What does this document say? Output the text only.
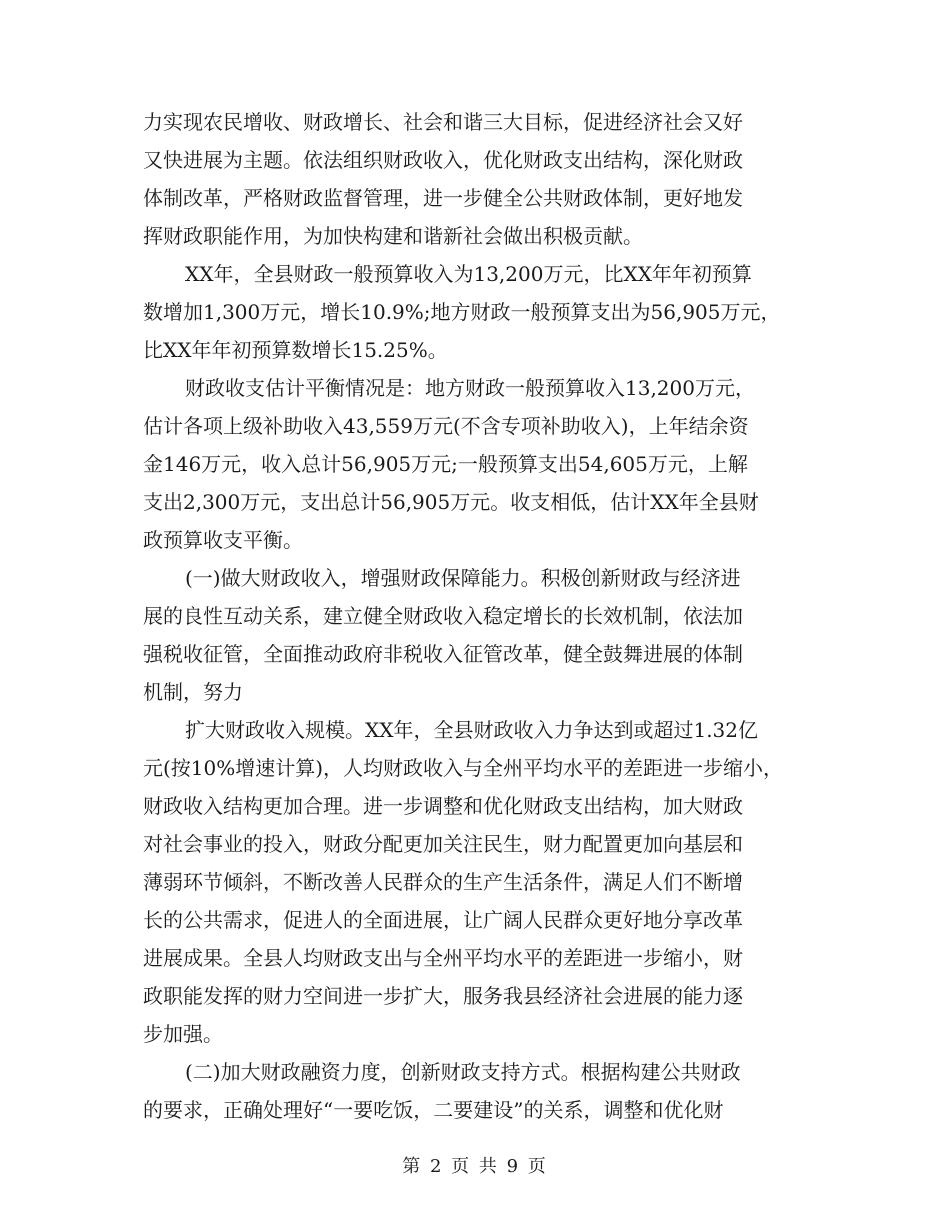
力实现农民增收、财政增长、社会和谐三大目标，促进经济社会又好
又快进展为主题。依法组织财政收入，优化财政支出结构，深化财政
体制改革，严格财政监督管理，进一步健全公共财政体制，更好地发
挥财政职能作用，为加快构建和谐新社会做出积极贡献。
XX年，全县财政一般预算收入为13,200万元，比XX年年初预算
数增加1,300万元，增长10.9%;地方财政一般预算支出为56,905万元，
比XX年年初预算数增长15.25%。
财政收支估计平衡情况是：地方财政一般预算收入13,200万元，
估计各项上级补助收入43,559万元(不含专项补助收入)，上年结余资
金146万元，收入总计56,905万元;一般预算支出54,605万元，上解
支出2,300万元，支出总计56,905万元。收支相低，估计XX年全县财
政预算收支平衡。
(一)做大财政收入，增强财政保障能力。积极创新财政与经济进
展的良性互动关系，建立健全财政收入稳定增长的长效机制，依法加
强税收征管，全面推动政府非税收入征管改革，健全鼓舞进展的体制
机制，努力
扩大财政收入规模。XX年，全县财政收入力争达到或超过1.32亿
元(按10%增速计算)，人均财政收入与全州平均水平的差距进一步缩小，
财政收入结构更加合理。进一步调整和优化财政支出结构，加大财政
对社会事业的投入，财政分配更加关注民生，财力配置更加向基层和
薄弱环节倾斜，不断改善人民群众的生产生活条件，满足人们不断增
长的公共需求，促进人的全面进展，让广阔人民群众更好地分享改革
进展成果。全县人均财政支出与全州平均水平的差距进一步缩小，财
政职能发挥的财力空间进一步扩大，服务我县经济社会进展的能力逐
步加强。
(二)加大财政融资力度，创新财政支持方式。根据构建公共财政
的要求，正确处理好“一要吃饭，二要建设”的关系，调整和优化财
第 2 页 共 9 页
